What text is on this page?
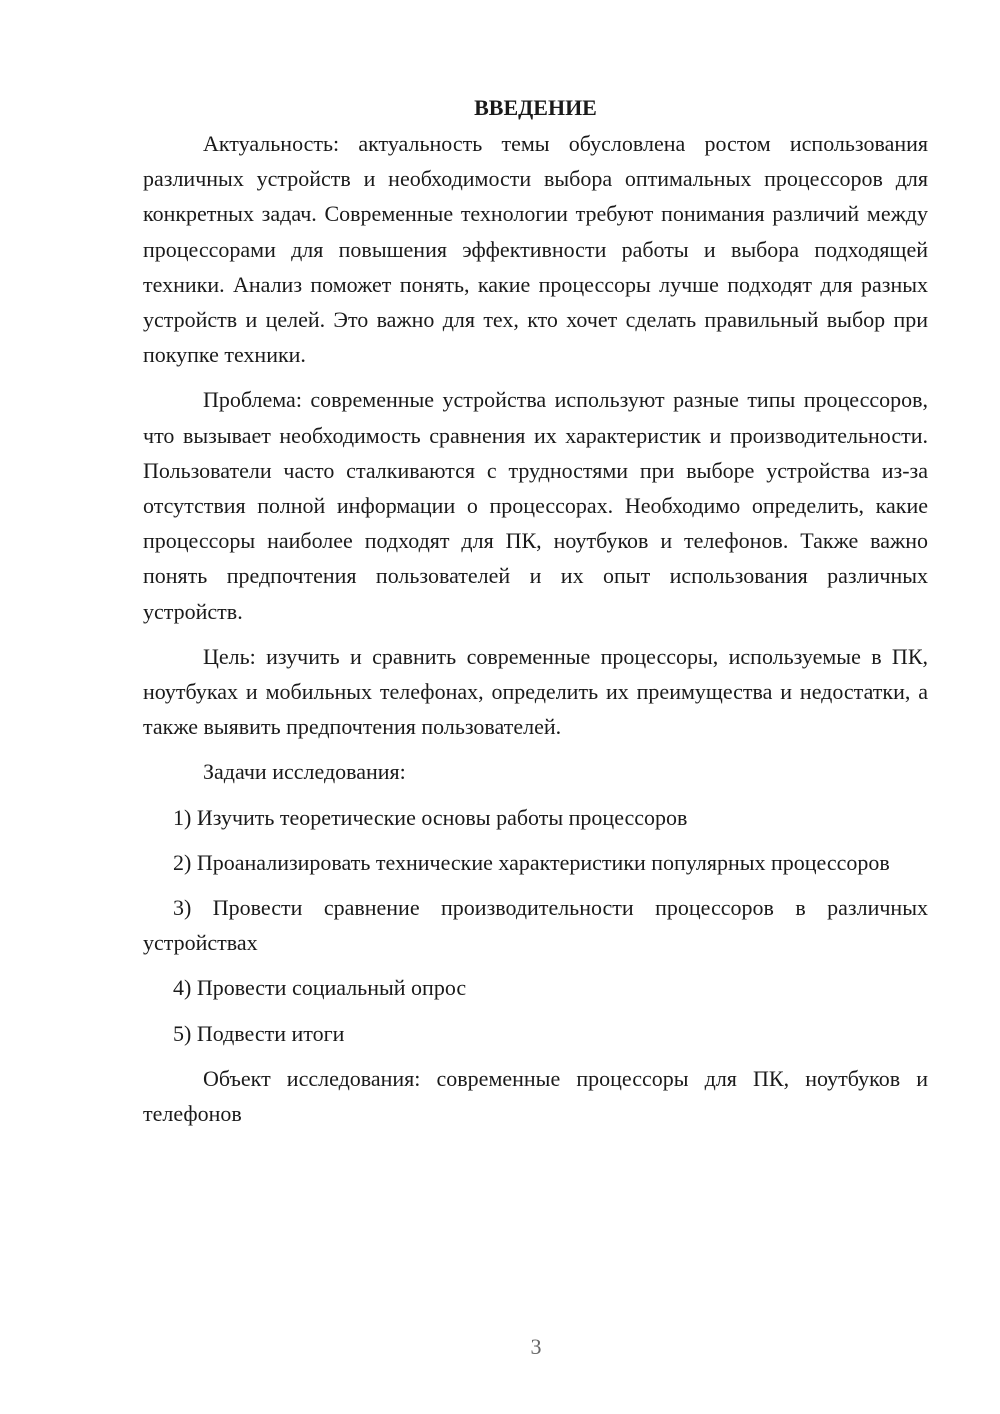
ВВЕДЕНИЕ

Актуальность: актуальность темы обусловлена ростом использования различных устройств и необходимости выбора оптимальных процессоров для конкретных задач. Современные технологии требуют понимания различий между процессорами для повышения эффективности работы и выбора подходящей техники. Анализ поможет понять, какие процессоры лучше подходят для разных устройств и целей. Это важно для тех, кто хочет сделать правильный выбор при покупке техники.

Проблема: современные устройства используют разные типы процессоров, что вызывает необходимость сравнения их характеристик и производительности. Пользователи часто сталкиваются с трудностями при выборе устройства из-за отсутствия полной информации о процессорах. Необходимо определить, какие процессоры наиболее подходят для ПК, ноутбуков и телефонов. Также важно понять предпочтения пользователей и их опыт использования различных устройств.

Цель: изучить и сравнить современные процессоры, используемые в ПК, ноутбуках и мобильных телефонах, определить их преимущества и недостатки, а также выявить предпочтения пользователей.

Задачи исследования:

1) Изучить теоретические основы работы процессоров

2) Проанализировать технические характеристики популярных процессоров

3) Провести сравнение производительности процессоров в различных устройствах

4) Провести социальный опрос

5) Подвести итоги

Объект исследования: современные процессоры для ПК, ноутбуков и телефонов

3
